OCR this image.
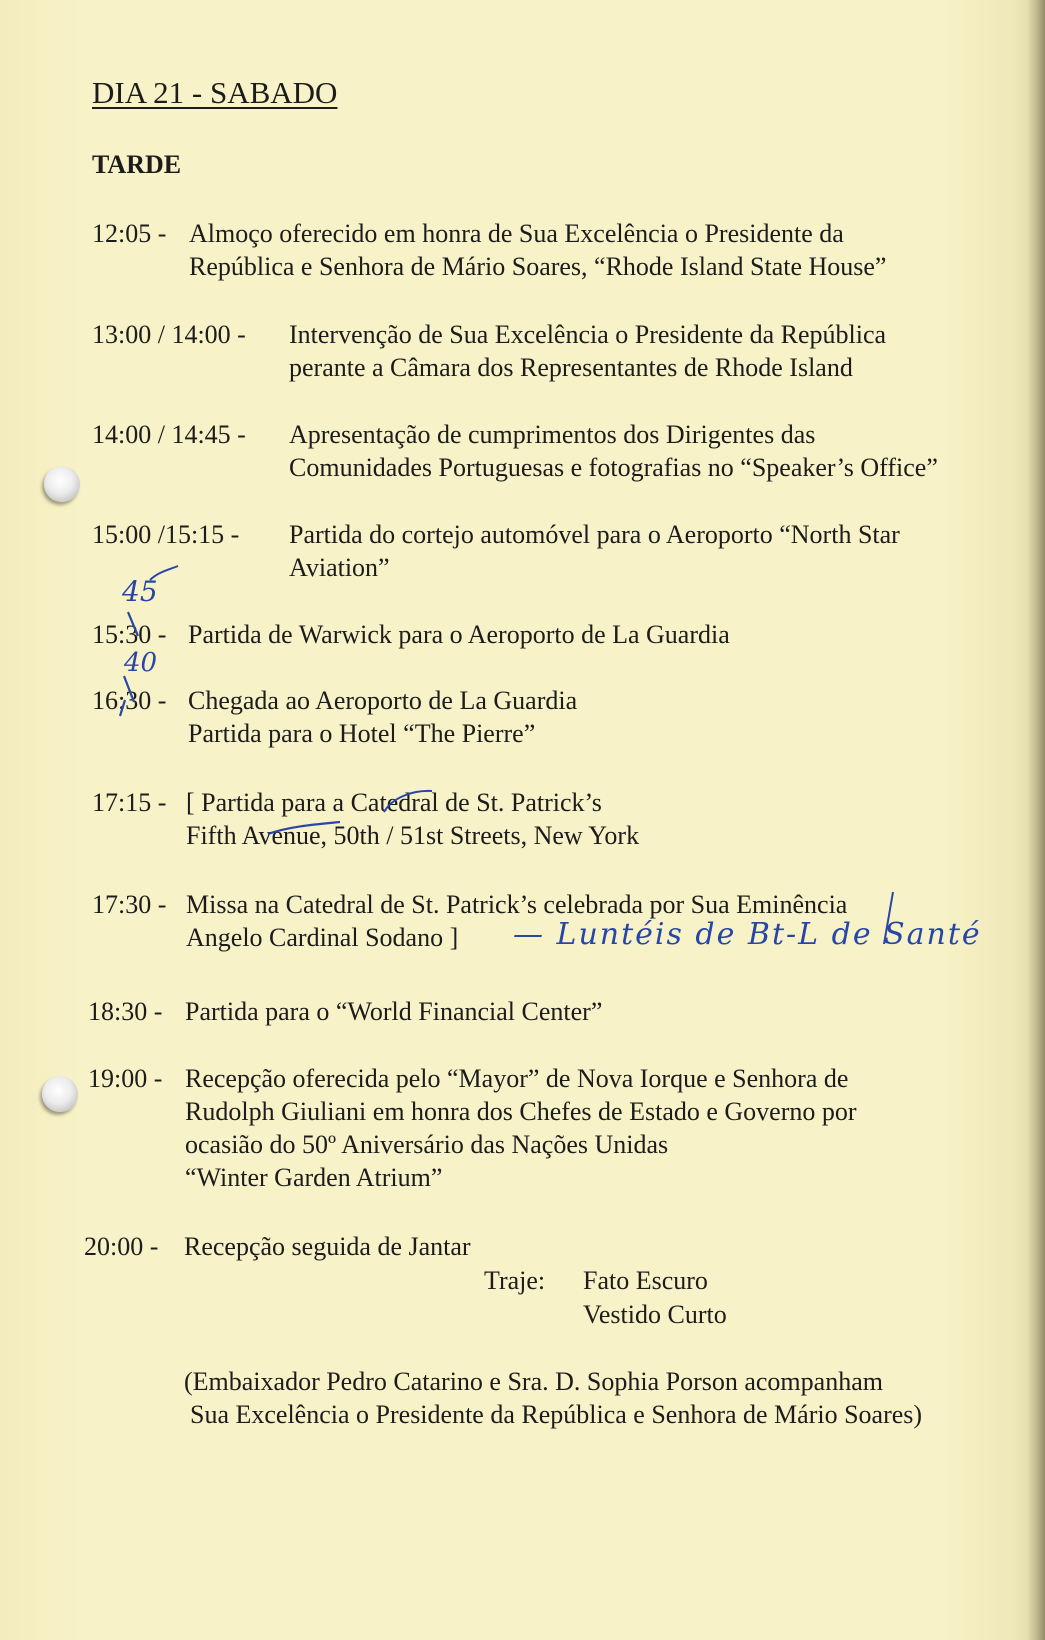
DIA 21 - SABADO
TARDE
12:05 - Almoço oferecido em honra de Sua Excelência o Presidente da
República e Senhora de Mário Soares, “Rhode Island State House”
13:00 / 14:00 - Intervenção de Sua Excelência o Presidente da República
perante a Câmara dos Representantes de Rhode Island
14:00 / 14:45 - Apresentação de cumprimentos dos Dirigentes das
Comunidades Portuguesas e fotografias no “Speaker’s Office”
15:00 /15:15 - Partida do cortejo automóvel para o Aeroporto “North Star
Aviation”
15:30 - Partida de Warwick para o Aeroporto de La Guardia
16:30 - Chegada ao Aeroporto de La Guardia
Partida para o Hotel “The Pierre”
17:15 - [ Partida para a Catedral de St. Patrick’s
Fifth Avenue, 50th / 51st Streets, New York
17:30 - Missa na Catedral de St. Patrick’s celebrada por Sua Eminência
Angelo Cardinal Sodano ]
18:30 - Partida para o “World Financial Center”
19:00 - Recepção oferecida pelo “Mayor” de Nova Iorque e Senhora de
Rudolph Giuliani em honra dos Chefes de Estado e Governo por
ocasião do 50º Aniversário das Nações Unidas
“Winter Garden Atrium”
20:00 - Recepção seguida de Jantar
Traje: Fato Escuro
Vestido Curto
(Embaixador Pedro Catarino e Sra. D. Sophia Porson acompanham
Sua Excelência o Presidente da República e Senhora de Mário Soares)
45
40
— Luntéis de Bt-L de Santé
